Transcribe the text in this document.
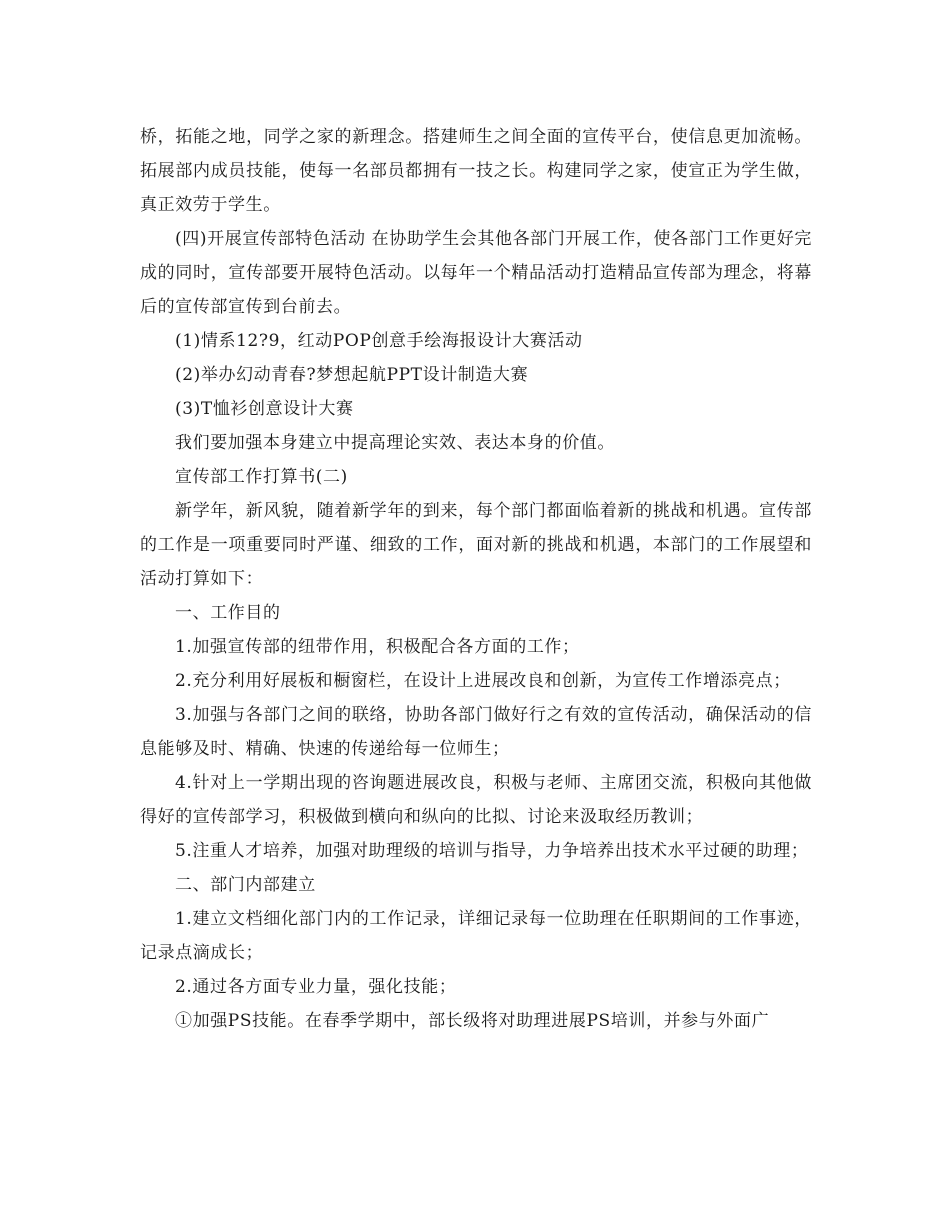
桥，拓能之地，同学之家的新理念。搭建师生之间全面的宣传平台，使信息更加流畅。拓展部内成员技能，使每一名部员都拥有一技之长。构建同学之家，使宣正为学生做，真正效劳于学生。

(四)开展宣传部特色活动 在协助学生会其他各部门开展工作，使各部门工作更好完成的同时，宣传部要开展特色活动。以每年一个精品活动打造精品宣传部为理念，将幕后的宣传部宣传到台前去。

(1)情系12?9，红动POP创意手绘海报设计大赛活动

(2)举办幻动青春?梦想起航PPT设计制造大赛

(3)T恤衫创意设计大赛

我们要加强本身建立中提高理论实效、表达本身的价值。

宣传部工作打算书(二)

新学年，新风貌，随着新学年的到来，每个部门都面临着新的挑战和机遇。宣传部的工作是一项重要同时严谨、细致的工作，面对新的挑战和机遇，本部门的工作展望和活动打算如下：

一、工作目的

1.加强宣传部的纽带作用，积极配合各方面的工作；

2.充分利用好展板和橱窗栏，在设计上进展改良和创新，为宣传工作增添亮点；

3.加强与各部门之间的联络，协助各部门做好行之有效的宣传活动，确保活动的信息能够及时、精确、快速的传递给每一位师生；

4.针对上一学期出现的咨询题进展改良，积极与老师、主席团交流，积极向其他做得好的宣传部学习，积极做到横向和纵向的比拟、讨论来汲取经历教训；

5.注重人才培养，加强对助理级的培训与指导，力争培养出技术水平过硬的助理；

二、部门内部建立

1.建立文档细化部门内的工作记录，详细记录每一位助理在任职期间的工作事迹，记录点滴成长；

2.通过各方面专业力量，强化技能；

①加强PS技能。在春季学期中，部长级将对助理进展PS培训，并参与外面广
